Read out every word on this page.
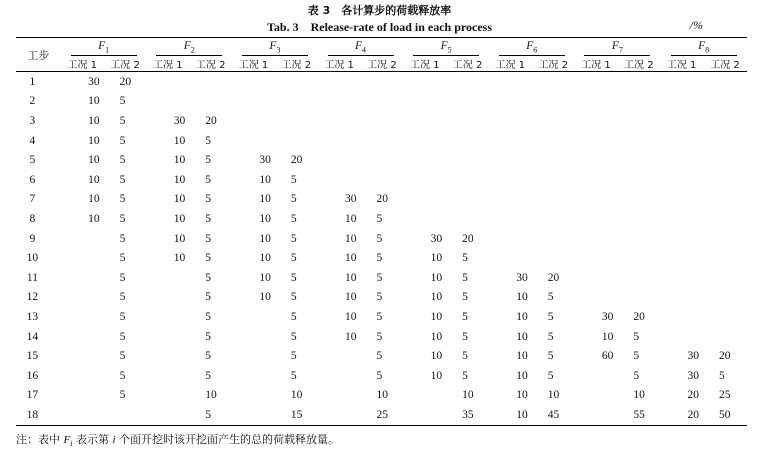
表 3　各计算步的荷载释放率
Tab. 3　Release-rate of load in each process	/%
工步	$F_1$		$F_2$		$F_3$		$F_4$		$F_5$		$F_6$		$F_7$		$F_8$
	工况 1	工况 2	工况 1	工况 2	工况 1	工况 2	工况 1	工况 2	工况 1	工况 2	工况 1	工况 2	工况 1	工况 2	工况 1	工况 2
1	30	20														
2	10	5														
3	10	5	30	20												
4	10	5	10	5												
5	10	5	10	5	30	20										
6	10	5	10	5	10	5										
7	10	5	10	5	10	5	30	20								
8	10	5	10	5	10	5	10	5								
9		5	10	5	10	5	10	5	30	20						
10		5	10	5	10	5	10	5	10	5						
11		5		5	10	5	10	5	10	5	30	20				
12		5		5	10	5	10	5	10	5	10	5				
13		5		5		5	10	5	10	5	10	5	30	20		
14		5		5		5	10	5	10	5	10	5	10	5		
15		5		5		5		5	10	5	10	5	60	5	30	20
16		5		5		5		5	10	5	10	5		5	30	5
17		5		10		10		10		10	10	10		10	20	25
18				5		15		25		35	10	45		55	20	50
注：表中 $F_i$ 表示第 i 个面开挖时该开挖面产生的总的荷载释放量。
